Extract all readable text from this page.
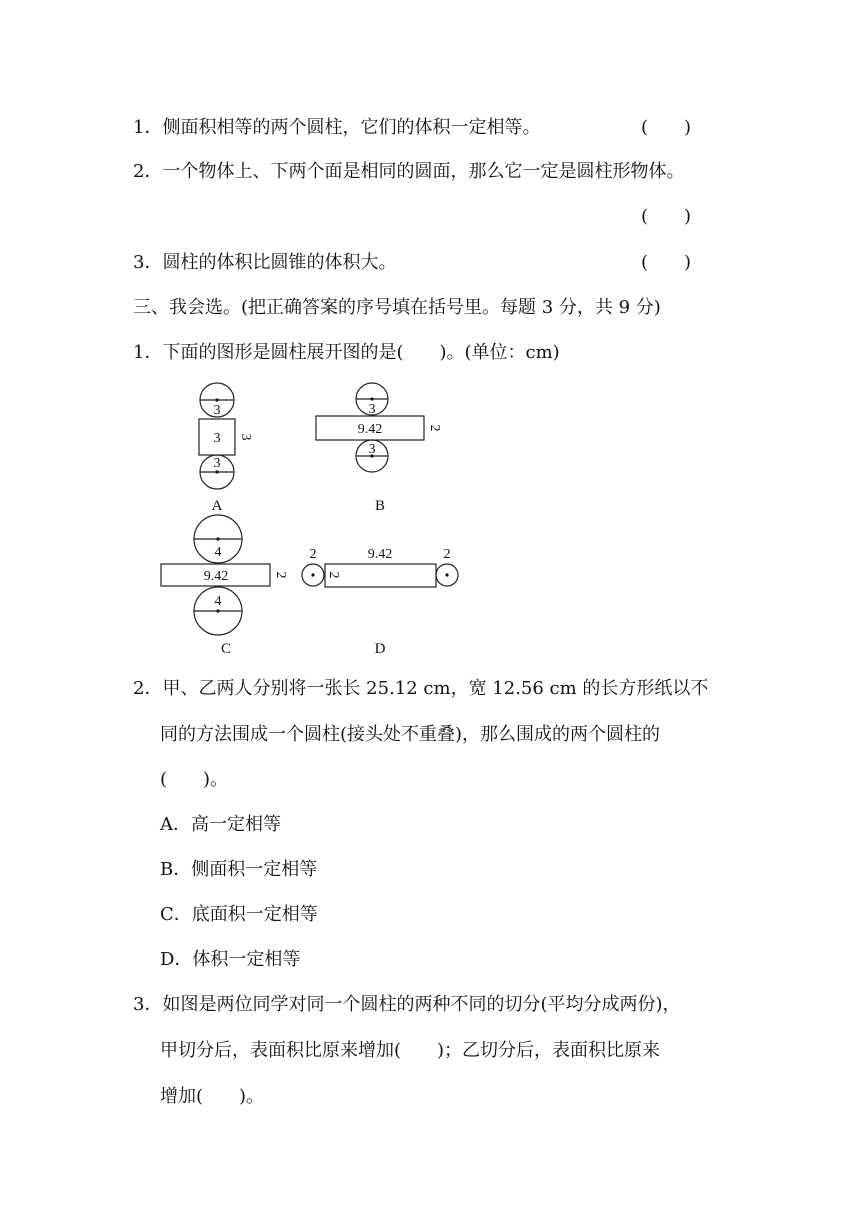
1．侧面积相等的两个圆柱，它们的体积一定相等。	(　　)
2．一个物体上、下两个面是相同的圆面，那么它一定是圆柱形物体。
(　　)
3．圆柱的体积比圆锥的体积大。	(　　)
三、我会选。(把正确答案的序号填在括号里。每题 3 分，共 9 分)
1．下面的图形是圆柱展开图的是(　　)。(单位：cm)
3
3 3
3
A
3
9.42	2
3
B
4
9.42	2
4
C
2	9.42
2
2
D
2．甲、乙两人分别将一张长 25.12 cm，宽 12.56 cm 的长方形纸以不
同的方法围成一个圆柱(接头处不重叠)，那么围成的两个圆柱的
(　　)。
A．高一定相等
B．侧面积一定相等
C．底面积一定相等
D．体积一定相等
3．如图是两位同学对同一个圆柱的两种不同的切分(平均分成两份)，
甲切分后，表面积比原来增加(　　)；乙切分后，表面积比原来
增加(　　)。
